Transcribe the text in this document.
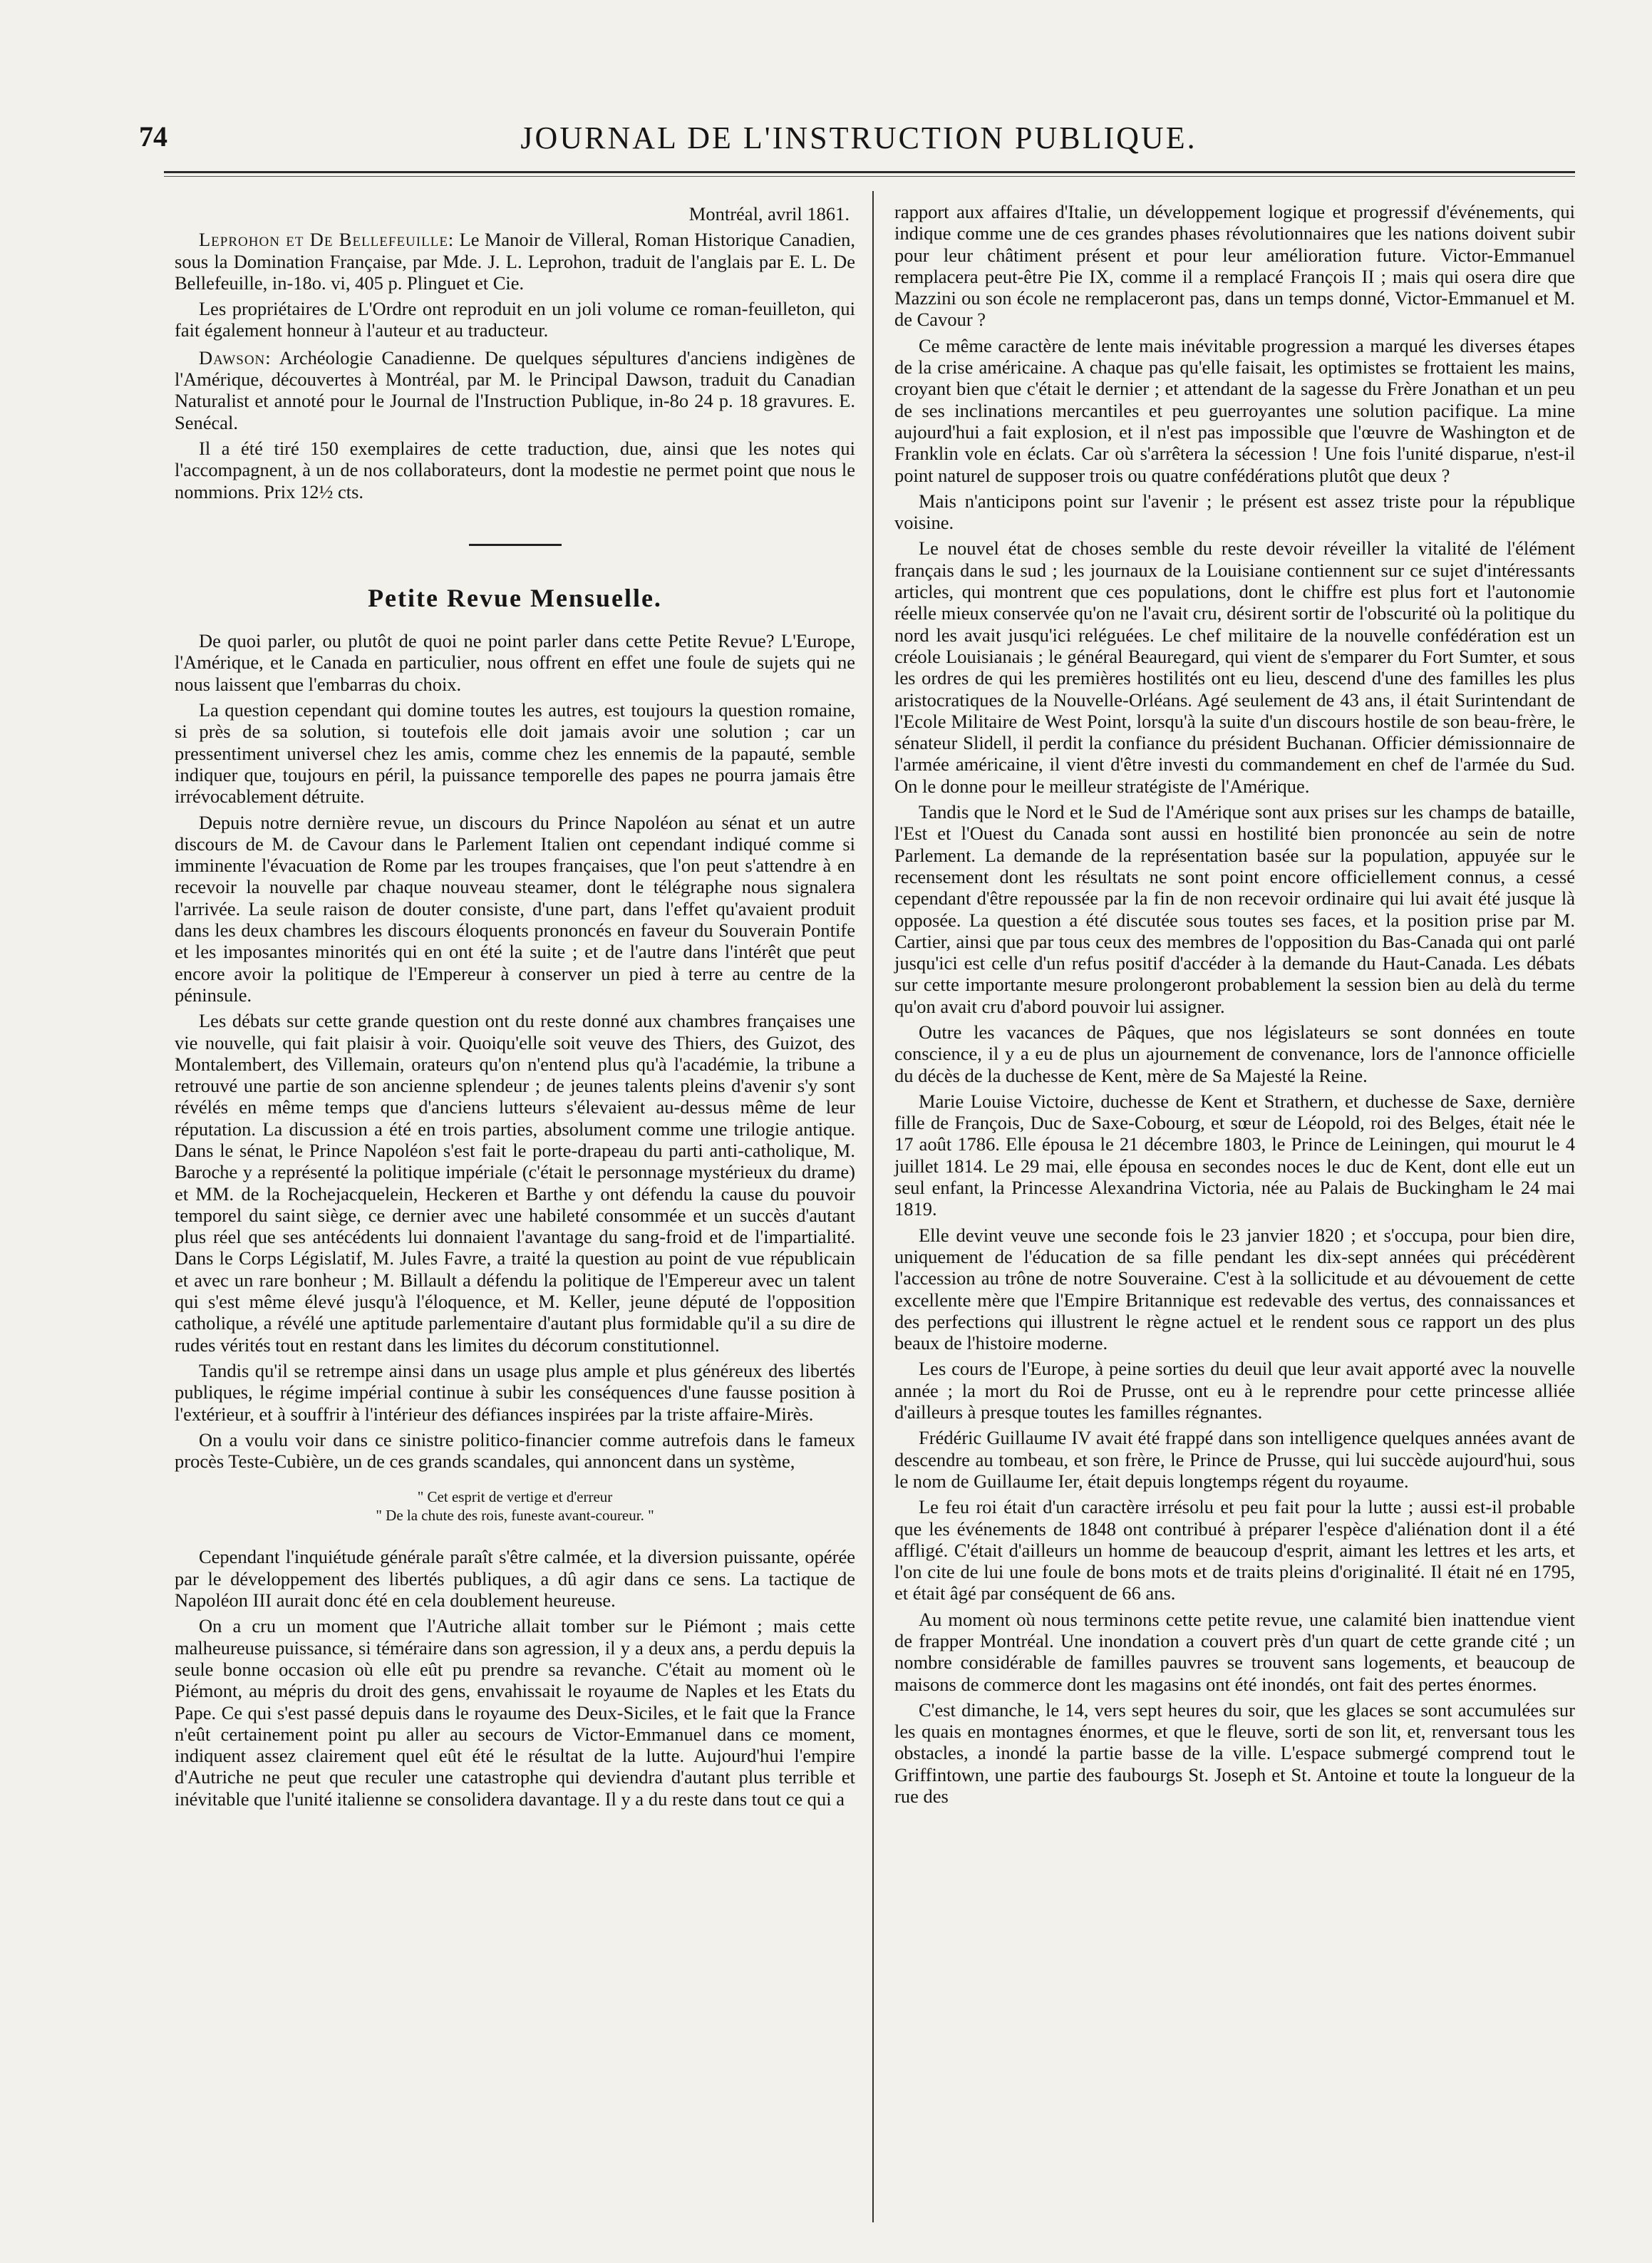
74	JOURNAL DE L'INSTRUCTION PUBLIQUE.

Montréal, avril 1861.

Leprohon et De Bellefeuille: Le Manoir de Villeral, Roman Historique Canadien, sous la Domination Française, par Mde. J. L. Leprohon, traduit de l'anglais par E. L. De Bellefeuille, in-18o. vi, 405 p. Plinguet et Cie.

Les propriétaires de L'Ordre ont reproduit en un joli volume ce roman-feuilleton, qui fait également honneur à l'auteur et au traducteur.

Dawson: Archéologie Canadienne. De quelques sépultures d'anciens indigènes de l'Amérique, découvertes à Montréal, par M. le Principal Dawson, traduit du Canadian Naturalist et annoté pour le Journal de l'Instruction Publique, in-8o 24 p. 18 gravures. E. Senécal.

Il a été tiré 150 exemplaires de cette traduction, due, ainsi que les notes qui l'accompagnent, à un de nos collaborateurs, dont la modestie ne permet point que nous le nommions. Prix 12½ cts.

Petite Revue Mensuelle.

De quoi parler, ou plutôt de quoi ne point parler dans cette Petite Revue? L'Europe, l'Amérique, et le Canada en particulier, nous offrent en effet une foule de sujets qui ne nous laissent que l'embarras du choix.

La question cependant qui domine toutes les autres, est toujours la question romaine, si près de sa solution, si toutefois elle doit jamais avoir une solution ; car un pressentiment universel chez les amis, comme chez les ennemis de la papauté, semble indiquer que, toujours en péril, la puissance temporelle des papes ne pourra jamais être irrévocablement détruite.

Depuis notre dernière revue, un discours du Prince Napoléon au sénat et un autre discours de M. de Cavour dans le Parlement Italien ont cependant indiqué comme si imminente l'évacuation de Rome par les troupes françaises, que l'on peut s'attendre à en recevoir la nouvelle par chaque nouveau steamer, dont le télégraphe nous signalera l'arrivée. La seule raison de douter consiste, d'une part, dans l'effet qu'avaient produit dans les deux chambres les discours éloquents prononcés en faveur du Souverain Pontife et les imposantes minorités qui en ont été la suite ; et de l'autre dans l'intérêt que peut encore avoir la politique de l'Empereur à conserver un pied à terre au centre de la péninsule.

Les débats sur cette grande question ont du reste donné aux chambres françaises une vie nouvelle, qui fait plaisir à voir. Quoiqu'elle soit veuve des Thiers, des Guizot, des Montalembert, des Villemain, orateurs qu'on n'entend plus qu'à l'académie, la tribune a retrouvé une partie de son ancienne splendeur ; de jeunes talents pleins d'avenir s'y sont révélés en même temps que d'anciens lutteurs s'élevaient au-dessus même de leur réputation. La discussion a été en trois parties, absolument comme une trilogie antique. Dans le sénat, le Prince Napoléon s'est fait le porte-drapeau du parti anti-catholique, M. Baroche y a représenté la politique impériale (c'était le personnage mystérieux du drame) et MM. de la Rochejacquelein, Heckeren et Barthe y ont défendu la cause du pouvoir temporel du saint siège, ce dernier avec une habileté consommée et un succès d'autant plus réel que ses antécédents lui donnaient l'avantage du sang-froid et de l'impartialité. Dans le Corps Législatif, M. Jules Favre, a traité la question au point de vue républicain et avec un rare bonheur ; M. Billault a défendu la politique de l'Empereur avec un talent qui s'est même élevé jusqu'à l'éloquence, et M. Keller, jeune député de l'opposition catholique, a révélé une aptitude parlementaire d'autant plus formidable qu'il a su dire de rudes vérités tout en restant dans les limites du décorum constitutionnel.

Tandis qu'il se retrempe ainsi dans un usage plus ample et plus généreux des libertés publiques, le régime impérial continue à subir les conséquences d'une fausse position à l'extérieur, et à souffrir à l'intérieur des défiances inspirées par la triste affaire-Mirès.

On a voulu voir dans ce sinistre politico-financier comme autrefois dans le fameux procès Teste-Cubière, un de ces grands scandales, qui annoncent dans un système,

" Cet esprit de vertige et d'erreur
" De la chute des rois, funeste avant-coureur. "

Cependant l'inquiétude générale paraît s'être calmée, et la diversion puissante, opérée par le développement des libertés publiques, a dû agir dans ce sens. La tactique de Napoléon III aurait donc été en cela doublement heureuse.

On a cru un moment que l'Autriche allait tomber sur le Piémont ; mais cette malheureuse puissance, si téméraire dans son agression, il y a deux ans, a perdu depuis la seule bonne occasion où elle eût pu prendre sa revanche. C'était au moment où le Piémont, au mépris du droit des gens, envahissait le royaume de Naples et les Etats du Pape. Ce qui s'est passé depuis dans le royaume des Deux-Siciles, et le fait que la France n'eût certainement point pu aller au secours de Victor-Emmanuel dans ce moment, indiquent assez clairement quel eût été le résultat de la lutte. Aujourd'hui l'empire d'Autriche ne peut que reculer une catastrophe qui deviendra d'autant plus terrible et inévitable que l'unité italienne se consolidera davantage. Il y a du reste dans tout ce qui a

rapport aux affaires d'Italie, un développement logique et progressif d'événements, qui indique comme une de ces grandes phases révolutionnaires que les nations doivent subir pour leur châtiment présent et pour leur amélioration future. Victor-Emmanuel remplacera peut-être Pie IX, comme il a remplacé François II ; mais qui osera dire que Mazzini ou son école ne remplaceront pas, dans un temps donné, Victor-Emmanuel et M. de Cavour ?

Ce même caractère de lente mais inévitable progression a marqué les diverses étapes de la crise américaine. A chaque pas qu'elle faisait, les optimistes se frottaient les mains, croyant bien que c'était le dernier ; et attendant de la sagesse du Frère Jonathan et un peu de ses inclinations mercantiles et peu guerroyantes une solution pacifique. La mine aujourd'hui a fait explosion, et il n'est pas impossible que l'œuvre de Washington et de Franklin vole en éclats. Car où s'arrêtera la sécession ! Une fois l'unité disparue, n'est-il point naturel de supposer trois ou quatre confédérations plutôt que deux ?

Mais n'anticipons point sur l'avenir ; le présent est assez triste pour la république voisine.

Le nouvel état de choses semble du reste devoir réveiller la vitalité de l'élément français dans le sud ; les journaux de la Louisiane contiennent sur ce sujet d'intéressants articles, qui montrent que ces populations, dont le chiffre est plus fort et l'autonomie réelle mieux conservée qu'on ne l'avait cru, désirent sortir de l'obscurité où la politique du nord les avait jusqu'ici reléguées. Le chef militaire de la nouvelle confédération est un créole Louisianais ; le général Beauregard, qui vient de s'emparer du Fort Sumter, et sous les ordres de qui les premières hostilités ont eu lieu, descend d'une des familles les plus aristocratiques de la Nouvelle-Orléans. Agé seulement de 43 ans, il était Surintendant de l'Ecole Militaire de West Point, lorsqu'à la suite d'un discours hostile de son beau-frère, le sénateur Slidell, il perdit la confiance du président Buchanan. Officier démissionnaire de l'armée américaine, il vient d'être investi du commandement en chef de l'armée du Sud. On le donne pour le meilleur stratégiste de l'Amérique.

Tandis que le Nord et le Sud de l'Amérique sont aux prises sur les champs de bataille, l'Est et l'Ouest du Canada sont aussi en hostilité bien prononcée au sein de notre Parlement. La demande de la représentation basée sur la population, appuyée sur le recensement dont les résultats ne sont point encore officiellement connus, a cessé cependant d'être repoussée par la fin de non recevoir ordinaire qui lui avait été jusque là opposée. La question a été discutée sous toutes ses faces, et la position prise par M. Cartier, ainsi que par tous ceux des membres de l'opposition du Bas-Canada qui ont parlé jusqu'ici est celle d'un refus positif d'accéder à la demande du Haut-Canada. Les débats sur cette importante mesure prolongeront probablement la session bien au delà du terme qu'on avait cru d'abord pouvoir lui assigner.

Outre les vacances de Pâques, que nos législateurs se sont données en toute conscience, il y a eu de plus un ajournement de convenance, lors de l'annonce officielle du décès de la duchesse de Kent, mère de Sa Majesté la Reine.

Marie Louise Victoire, duchesse de Kent et Strathern, et duchesse de Saxe, dernière fille de François, Duc de Saxe-Cobourg, et sœur de Léopold, roi des Belges, était née le 17 août 1786. Elle épousa le 21 décembre 1803, le Prince de Leiningen, qui mourut le 4 juillet 1814. Le 29 mai, elle épousa en secondes noces le duc de Kent, dont elle eut un seul enfant, la Princesse Alexandrina Victoria, née au Palais de Buckingham le 24 mai 1819.

Elle devint veuve une seconde fois le 23 janvier 1820 ; et s'occupa, pour bien dire, uniquement de l'éducation de sa fille pendant les dix-sept années qui précédèrent l'accession au trône de notre Souveraine. C'est à la sollicitude et au dévouement de cette excellente mère que l'Empire Britannique est redevable des vertus, des connaissances et des perfections qui illustrent le règne actuel et le rendent sous ce rapport un des plus beaux de l'histoire moderne.

Les cours de l'Europe, à peine sorties du deuil que leur avait apporté avec la nouvelle année ; la mort du Roi de Prusse, ont eu à le reprendre pour cette princesse alliée d'ailleurs à presque toutes les familles régnantes.

Frédéric Guillaume IV avait été frappé dans son intelligence quelques années avant de descendre au tombeau, et son frère, le Prince de Prusse, qui lui succède aujourd'hui, sous le nom de Guillaume Ier, était depuis longtemps régent du royaume.

Le feu roi était d'un caractère irrésolu et peu fait pour la lutte ; aussi est-il probable que les événements de 1848 ont contribué à préparer l'espèce d'aliénation dont il a été affligé. C'était d'ailleurs un homme de beaucoup d'esprit, aimant les lettres et les arts, et l'on cite de lui une foule de bons mots et de traits pleins d'originalité. Il était né en 1795, et était âgé par conséquent de 66 ans.

Au moment où nous terminons cette petite revue, une calamité bien inattendue vient de frapper Montréal. Une inondation a couvert près d'un quart de cette grande cité ; un nombre considérable de familles pauvres se trouvent sans logements, et beaucoup de maisons de commerce dont les magasins ont été inondés, ont fait des pertes énormes.

C'est dimanche, le 14, vers sept heures du soir, que les glaces se sont accumulées sur les quais en montagnes énormes, et que le fleuve, sorti de son lit, et, renversant tous les obstacles, a inondé la partie basse de la ville. L'espace submergé comprend tout le Griffintown, une partie des faubourgs St. Joseph et St. Antoine et toute la longueur de la rue des
